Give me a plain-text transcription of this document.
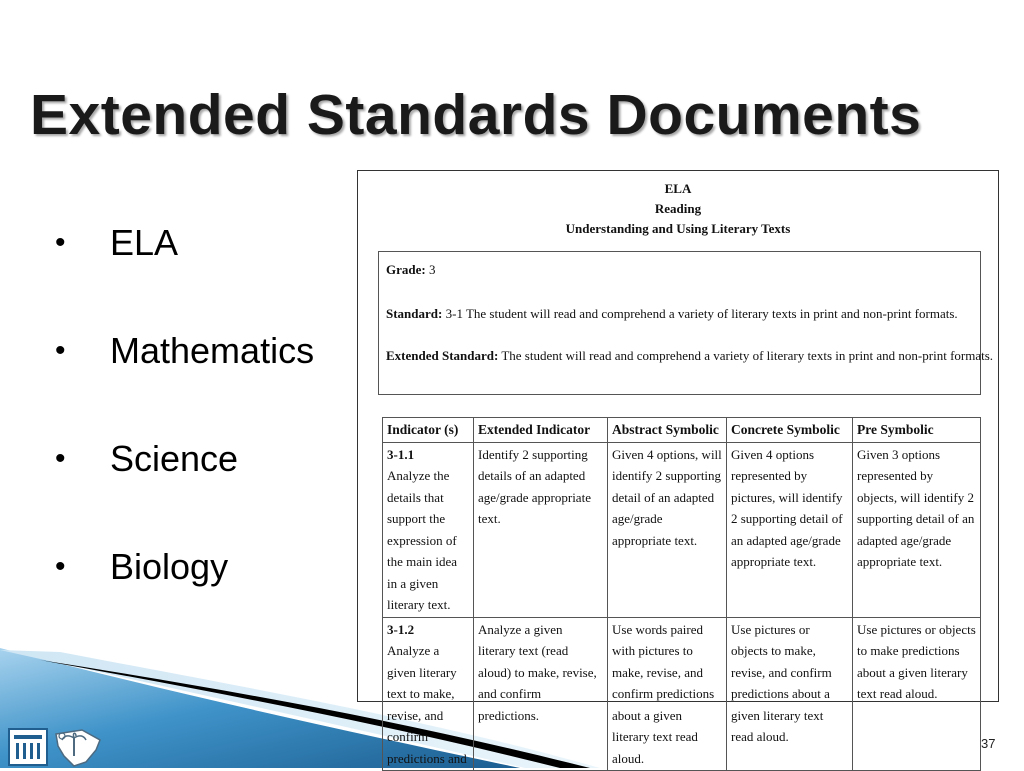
Extended Standards Documents
• ELA
• Mathematics
• Science
• Biology
ELA
Reading
Understanding and Using Literary Texts
Grade: 3
Standard: 3-1 The student will read and comprehend a variety of literary texts in print and non-print formats.
Extended Standard: The student will read and comprehend a variety of literary texts in print and non-print formats.
Indicator (s)	Extended Indicator	Abstract Symbolic	Concrete Symbolic	Pre Symbolic
3-1.1
Analyze the details that support the expression of the main idea in a given literary text.	Identify 2 supporting details of an adapted age/grade appropriate text.	Given 4 options, will identify 2 supporting detail of an adapted age/grade appropriate text.	Given 4 options represented by pictures, will identify 2 supporting detail of an adapted age/grade appropriate text.	Given 3 options represented by objects, will identify 2 supporting detail of an adapted age/grade appropriate text.
3-1.2
Analyze a given literary text to make, revise, and confirm predictions and	Analyze a given literary text (read aloud) to make, revise, and confirm predictions.	Use words paired with pictures to make, revise, and confirm predictions about a given literary text read aloud.	Use pictures or objects to make, revise, and confirm predictions about a given literary text read aloud.	Use pictures or objects to make predictions about a given literary text read aloud.
37
